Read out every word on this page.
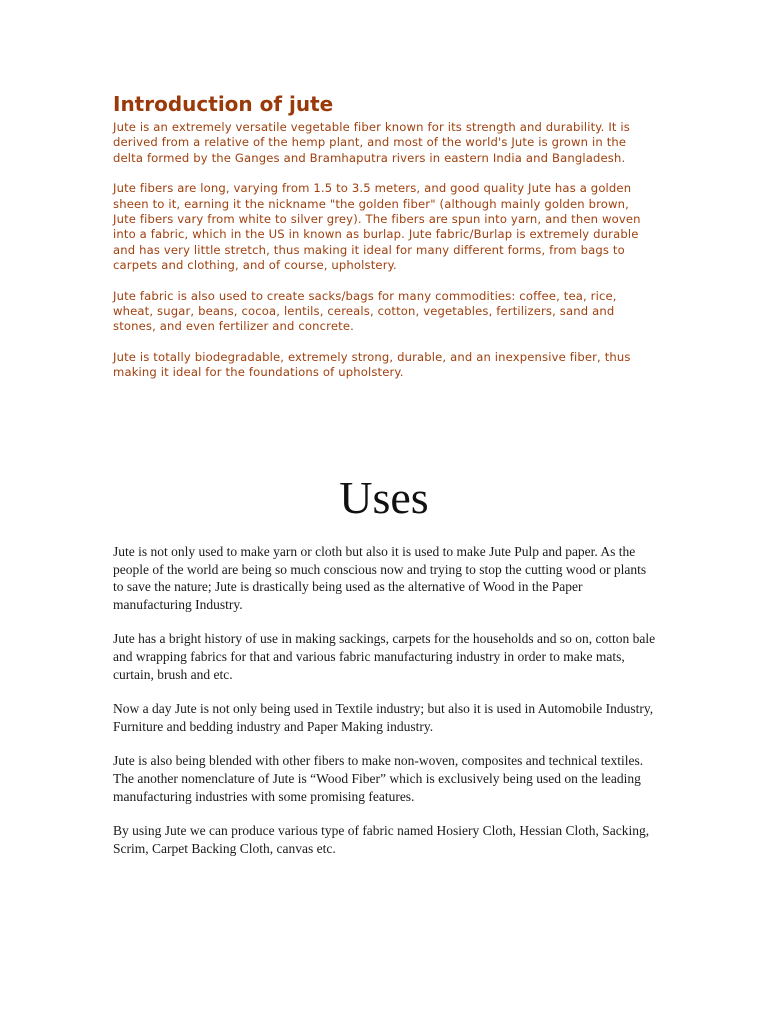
Introduction of jute

Jute is an extremely versatile vegetable fiber known for its strength and durability. It is derived from a relative of the hemp plant, and most of the world's Jute is grown in the delta formed by the Ganges and Bramhaputra rivers in eastern India and Bangladesh.

Jute fibers are long, varying from 1.5 to 3.5 meters, and good quality Jute has a golden sheen to it, earning it the nickname "the golden fiber" (although mainly golden brown, Jute fibers vary from white to silver grey). The fibers are spun into yarn, and then woven into a fabric, which in the US in known as burlap. Jute fabric/Burlap is extremely durable and has very little stretch, thus making it ideal for many different forms, from bags to carpets and clothing, and of course, upholstery.

Jute fabric is also used to create sacks/bags for many commodities: coffee, tea, rice, wheat, sugar, beans, cocoa, lentils, cereals, cotton, vegetables, fertilizers, sand and stones, and even fertilizer and concrete.

Jute is totally biodegradable, extremely strong, durable, and an inexpensive fiber, thus making it ideal for the foundations of upholstery.

Uses

Jute is not only used to make yarn or cloth but also it is used to make Jute Pulp and paper. As the people of the world are being so much conscious now and trying to stop the cutting wood or plants to save the nature; Jute is drastically being used as the alternative of Wood in the Paper manufacturing Industry.

Jute has a bright history of use in making sackings, carpets for the households and so on, cotton bale and wrapping fabrics for that and various fabric manufacturing industry in order to make mats, curtain, brush and etc.

Now a day Jute is not only being used in Textile industry; but also it is used in Automobile Industry, Furniture and bedding industry and Paper Making industry.

Jute is also being blended with other fibers to make non-woven, composites and technical textiles. The another nomenclature of Jute is “Wood Fiber” which is exclusively being used on the leading manufacturing industries with some promising features.

By using Jute we can produce various type of fabric named Hosiery Cloth, Hessian Cloth, Sacking, Scrim, Carpet Backing Cloth, canvas etc.
